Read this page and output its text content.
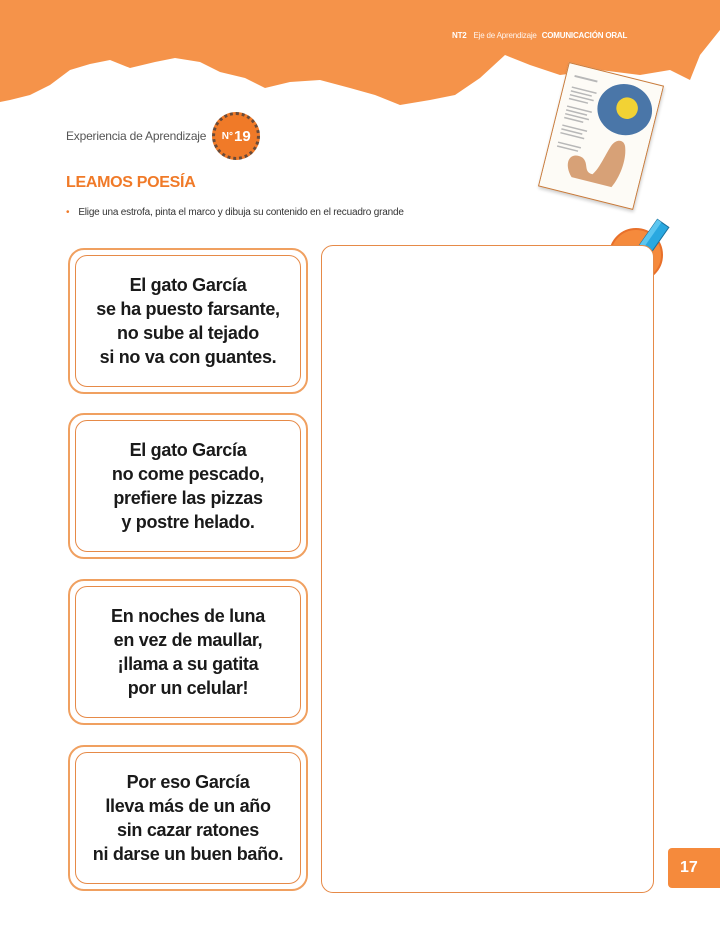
NT2 Eje de Aprendizaje COMUNICACIÓN ORAL
Experiencia de Aprendizaje N° 19
LEAMOS POESÍA
• Elige una estrofa, pinta el marco y dibuja su contenido en el recuadro grande
El gato García
se ha puesto farsante,
no sube al tejado
si no va con guantes.
El gato García
no come pescado,
prefiere las pizzas
y postre helado.
En noches de luna
en vez de maullar,
¡llama a su gatita
por un celular!
Por eso García
lleva más de un año
sin cazar ratones
ni darse un buen baño.
17
